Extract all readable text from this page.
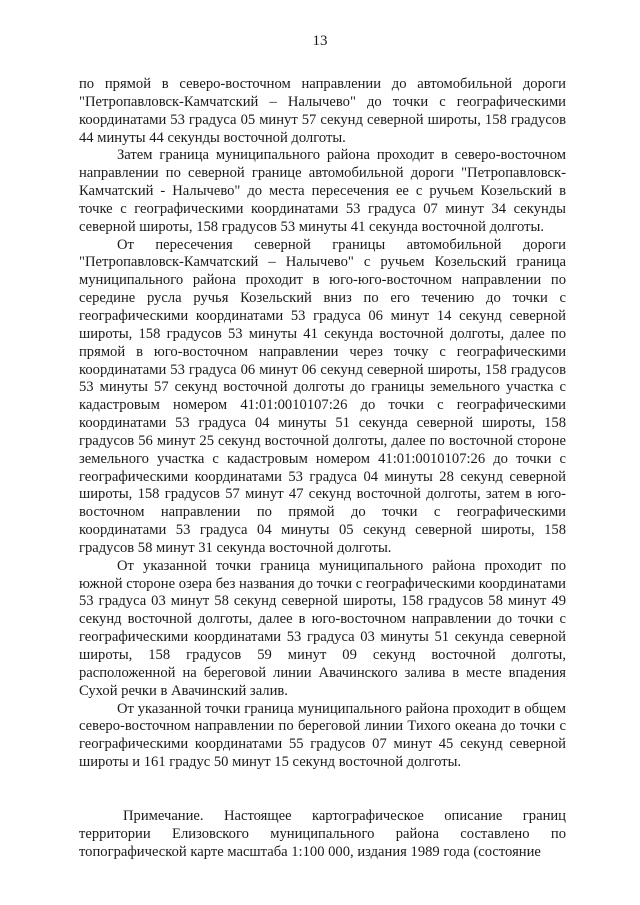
13

по прямой в северо-восточном направлении до автомобильной дороги "Петропавловск-Камчатский – Налычево" до точки с географическими координатами 53 градуса 05 минут 57 секунд северной широты, 158 градусов 44 минуты 44 секунды восточной долготы.

Затем граница муниципального района проходит в северо-восточном направлении по северной границе автомобильной дороги "Петропавловск-Камчатский - Налычево" до места пересечения ее с ручьем Козельский в точке с географическими координатами 53 градуса 07 минут 34 секунды северной широты, 158 градусов 53 минуты 41 секунда восточной долготы.

От пересечения северной границы автомобильной дороги "Петропавловск-Камчатский – Налычево" с ручьем Козельский граница муниципального района проходит в юго-юго-восточном направлении по середине русла ручья Козельский вниз по его течению до точки с географическими координатами 53 градуса 06 минут 14 секунд северной широты, 158 градусов 53 минуты 41 секунда восточной долготы, далее по прямой в юго-восточном направлении через точку с географическими координатами 53 градуса 06 минут 06 секунд северной широты, 158 градусов 53 минуты 57 секунд восточной долготы до границы земельного участка с кадастровым номером 41:01:0010107:26 до точки с географическими координатами 53 градуса 04 минуты 51 секунда северной широты, 158 градусов 56 минут 25 секунд восточной долготы, далее по восточной стороне земельного участка с кадастровым номером 41:01:0010107:26 до точки с географическими координатами 53 градуса 04 минуты 28 секунд северной широты, 158 градусов 57 минут 47 секунд восточной долготы, затем в юго-восточном направлении по прямой до точки с географическими координатами 53 градуса 04 минуты 05 секунд северной широты, 158 градусов 58 минут 31 секунда восточной долготы.

От указанной точки граница муниципального района проходит по южной стороне озера без названия до точки с географическими координатами 53 градуса 03 минут 58 секунд северной широты, 158 градусов 58 минут 49 секунд восточной долготы, далее в юго-восточном направлении до точки с географическими координатами 53 градуса 03 минуты 51 секунда северной широты, 158 градусов 59 минут 09 секунд восточной долготы, расположенной на береговой линии Авачинского залива в месте впадения Сухой речки в Авачинский залив.

От указанной точки граница муниципального района проходит в общем северо-восточном направлении по береговой линии Тихого океана до точки с географическими координатами 55 градусов 07 минут 45 секунд северной широты и 161 градус 50 минут 15 секунд восточной долготы.

Примечание. Настоящее картографическое описание границ территории Елизовского муниципального района составлено по топографической карте масштаба 1:100 000, издания 1989 года (состояние
